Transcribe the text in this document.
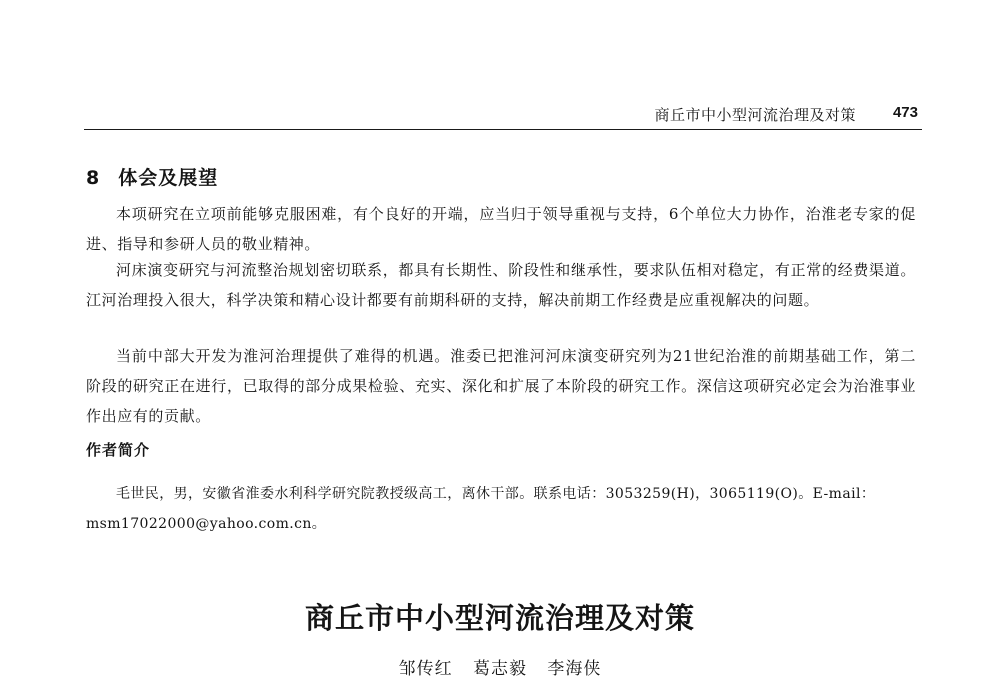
商丘市中小型河流治理及对策 473
8 体会及展望

本项研究在立项前能够克服困难，有个良好的开端，应当归于领导重视与支持，6个单位大力协作，治淮老专家的促进、指导和参研人员的敬业精神。

河床演变研究与河流整治规划密切联系，都具有长期性、阶段性和继承性，要求队伍相对稳定，有正常的经费渠道。江河治理投入很大，科学决策和精心设计都要有前期科研的支持，解决前期工作经费是应重视解决的问题。

当前中部大开发为淮河治理提供了难得的机遇。淮委已把淮河河床演变研究列为21世纪治淮的前期基础工作，第二阶段的研究正在进行，已取得的部分成果检验、充实、深化和扩展了本阶段的研究工作。深信这项研究必定会为治淮事业作出应有的贡献。

作者简介

毛世民，男，安徽省淮委水利科学研究院教授级高工，离休干部。联系电话：3053259(H)，3065119(O)。E-mail：msm17022000@yahoo.com.cn。

商丘市中小型河流治理及对策
邹传红 葛志毅 李海侠
